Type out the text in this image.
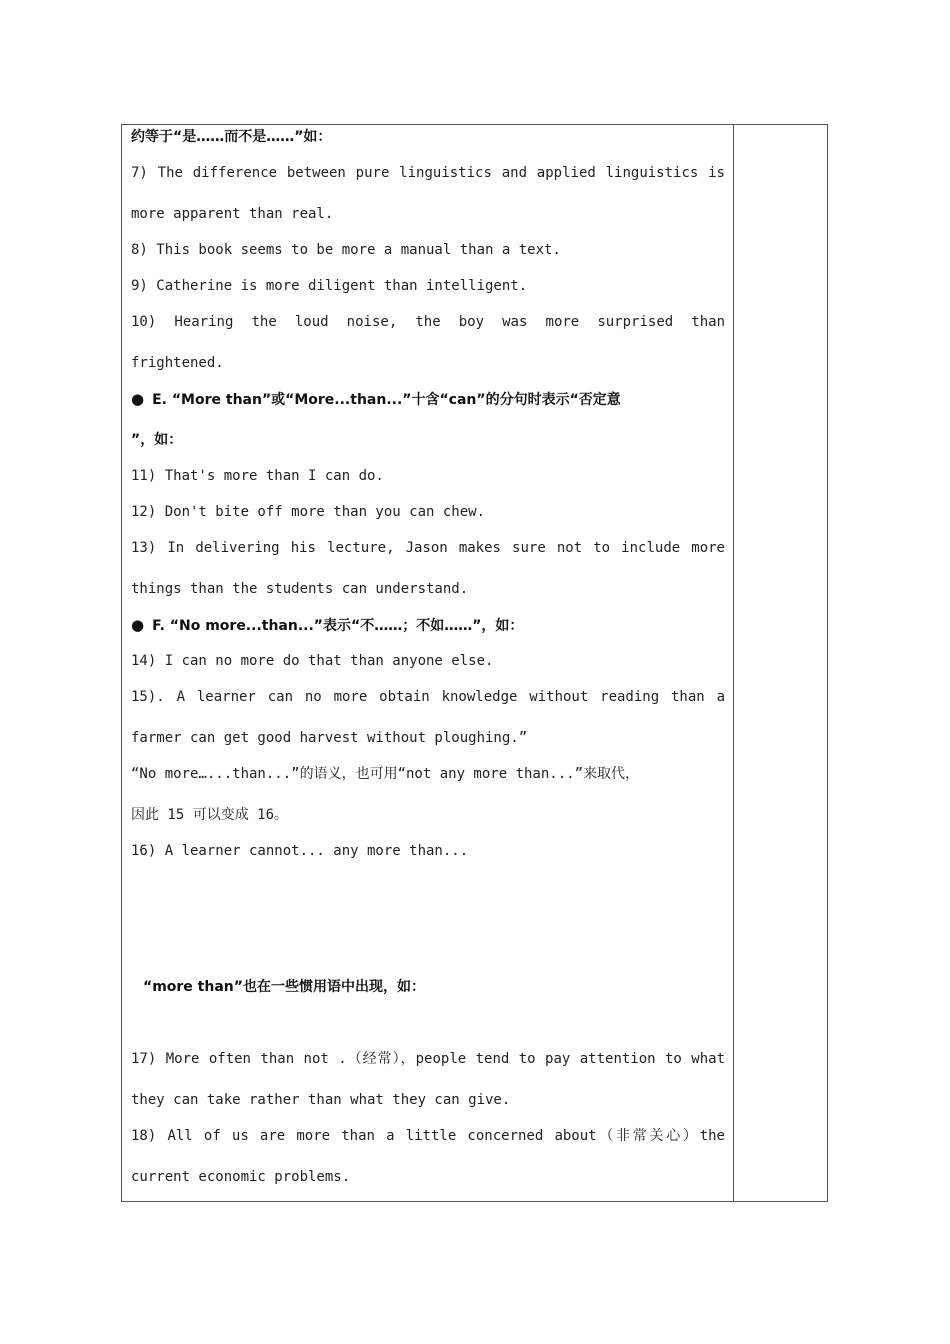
约等于“是……而不是……”如：
7) The difference between pure linguistics and applied linguistics is
more apparent than real.
8) This book seems to be more a manual than a text.
9) Catherine is more diligent than intelligent.
10) Hearing the loud noise, the boy was more surprised than
frightened.
● E. “More than”或“More...than...”十含“can”的分句时表示“否定意
”，如：
11) That's more than I can do.
12) Don't bite off more than you can chew.
13) In delivering his lecture, Jason makes sure not to include more
things than the students can understand.
● F. “No more...than...”表示“不……；不如……”，如：
14) I can no more do that than anyone else.
15). A learner can no more obtain knowledge without reading than a
farmer can get good harvest without ploughing.”
“No more…...than...”的语义，也可用“not any more than...”来取代，
因此 15 可以变成 16。
16) A learner cannot... any more than...
“more than”也在一些惯用语中出现，如：
17) More often than not .（经常），people tend to pay attention to what
they can take rather than what they can give.
18) All of us are more than a little concerned about（非常关心）the
current economic problems.
